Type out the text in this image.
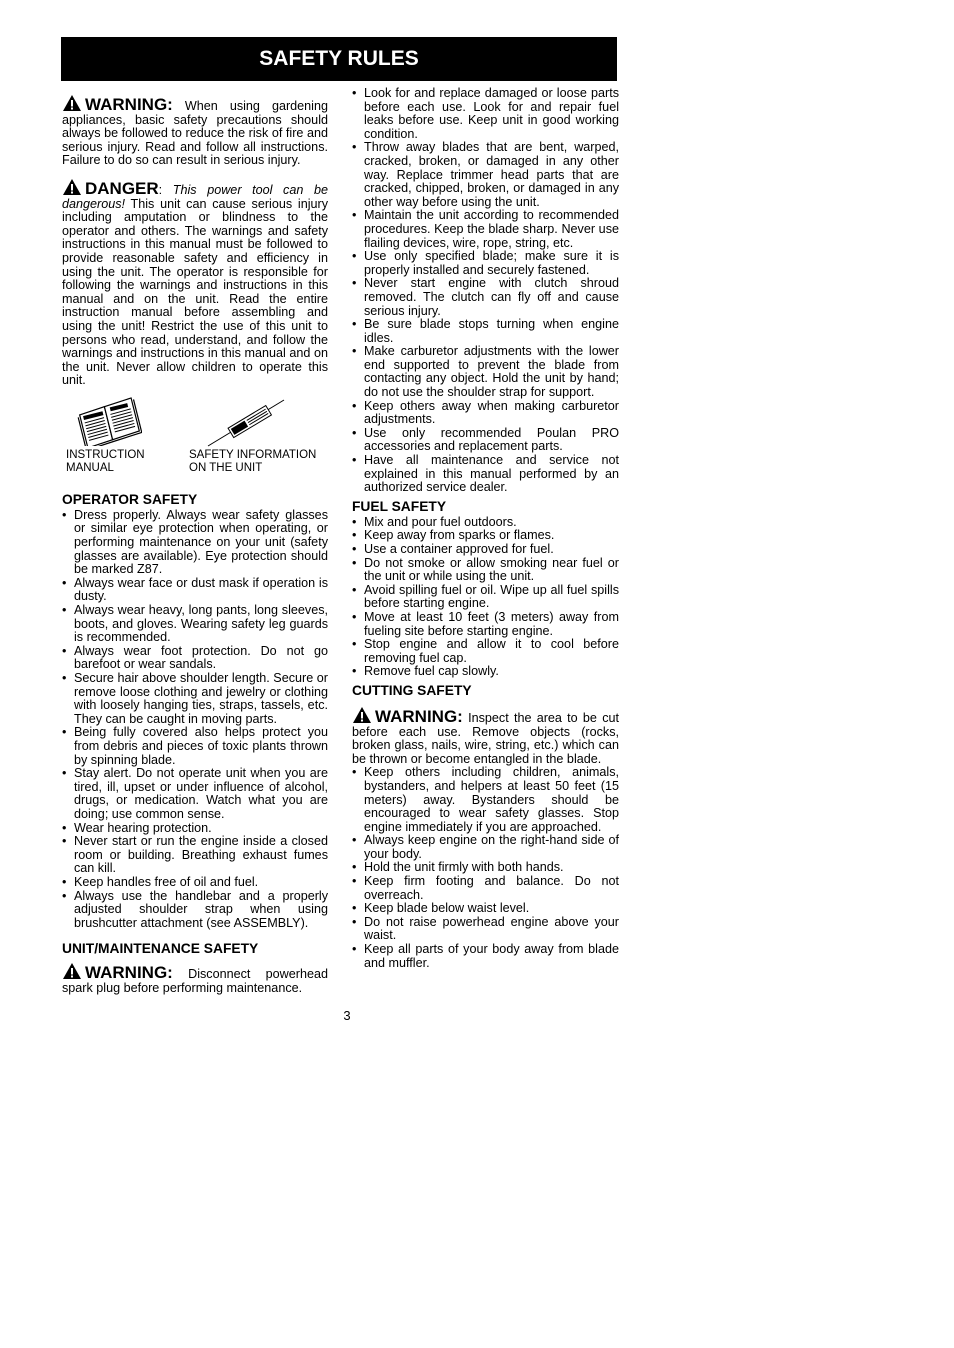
SAFETY RULES

WARNING: When using gardening appliances, basic safety precautions should always be followed to reduce the risk of fire and serious injury. Read and follow all instructions. Failure to do so can result in serious injury.

DANGER: This power tool can be dangerous! This unit can cause serious injury including amputation or blindness to the operator and others. The warnings and safety instructions in this manual must be followed to provide reasonable safety and efficiency in using the unit. The operator is responsible for following the warnings and instructions in this manual and on the unit. Read the entire instruction manual before assembling and using the unit! Restrict the use of this unit to persons who read, understand, and follow the warnings and instructions in this manual and on the unit. Never allow children to operate this unit.

INSTRUCTION
MANUAL
SAFETY INFORMATION
ON THE UNIT
OPERATOR SAFETY
• Dress properly. Always wear safety glasses or similar eye protection when operating, or performing maintenance on your unit (safety glasses are available). Eye protection should be marked Z87.
• Always wear face or dust mask if operation is dusty.
• Always wear heavy, long pants, long sleeves, boots, and gloves. Wearing safety leg guards is recommended.
• Always wear foot protection. Do not go barefoot or wear sandals.
• Secure hair above shoulder length. Secure or remove loose clothing and jewelry or clothing with loosely hanging ties, straps, tassels, etc. They can be caught in moving parts.
• Being fully covered also helps protect you from debris and pieces of toxic plants thrown by spinning blade.
• Stay alert. Do not operate unit when you are tired, ill, upset or under influence of alcohol, drugs, or medication. Watch what you are doing; use common sense.
• Wear hearing protection.
• Never start or run the engine inside a closed room or building. Breathing exhaust fumes can kill.
• Keep handles free of oil and fuel.
• Always use the handlebar and a properly adjusted shoulder strap when using brushcutter attachment (see ASSEMBLY).
UNIT/MAINTENANCE SAFETY

WARNING: Disconnect powerhead spark plug before performing maintenance.

• Look for and replace damaged or loose parts before each use. Look for and repair fuel leaks before use. Keep unit in good working condition.
• Throw away blades that are bent, warped, cracked, broken, or damaged in any other way. Replace trimmer head parts that are cracked, chipped, broken, or damaged in any other way before using the unit.
• Maintain the unit according to recommended procedures. Keep the blade sharp. Never use flailing devices, wire, rope, string, etc.
• Use only specified blade; make sure it is properly installed and securely fastened.
• Never start engine with clutch shroud removed. The clutch can fly off and cause serious injury.
• Be sure blade stops turning when engine idles.
• Make carburetor adjustments with the lower end supported to prevent the blade from contacting any object. Hold the unit by hand; do not use the shoulder strap for support.
• Keep others away when making carburetor adjustments.
• Use only recommended Poulan PRO accessories and replacement parts.
• Have all maintenance and service not explained in this manual performed by an authorized service dealer.
FUEL SAFETY
• Mix and pour fuel outdoors.
• Keep away from sparks or flames.
• Use a container approved for fuel.
• Do not smoke or allow smoking near fuel or the unit or while using the unit.
• Avoid spilling fuel or oil. Wipe up all fuel spills before starting engine.
• Move at least 10 feet (3 meters) away from fueling site before starting engine.
• Stop engine and allow it to cool before removing fuel cap.
• Remove fuel cap slowly.
CUTTING SAFETY

WARNING: Inspect the area to be cut before each use. Remove objects (rocks, broken glass, nails, wire, string, etc.) which can be thrown or become entangled in the blade.

• Keep others including children, animals, bystanders, and helpers at least 50 feet (15 meters) away. Bystanders should be encouraged to wear safety glasses. Stop engine immediately if you are approached.
• Always keep engine on the right-hand side of your body.
• Hold the unit firmly with both hands.
• Keep firm footing and balance. Do not overreach.
• Keep blade below waist level.
• Do not raise powerhead engine above your waist.
• Keep all parts of your body away from blade and muffler.
3
